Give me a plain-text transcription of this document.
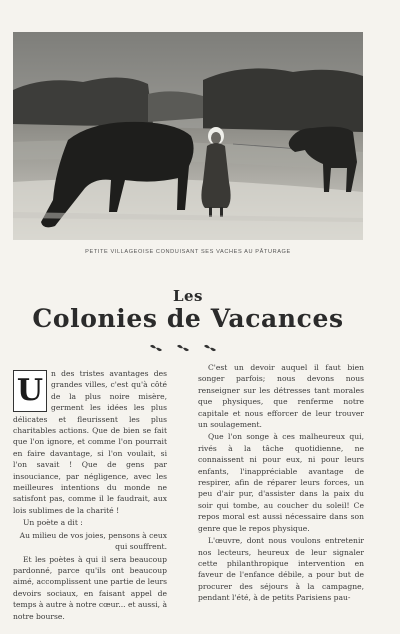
PETITE VILLAGEOISE CONDUISANT SES VACHES AU PÂTURAGE
Les
Colonies de Vacances
U	n des tristes avantages des grandes villes, c'est qu'à côté de la plus noire misère, germent les idées les plus délicates et fleurissent les plus charitables actions. Que de bien se fait que l'on ignore, et comme l'on pourrait en faire davantage, si l'on voulait, si l'on savait ! Que de gens par insouciance, par négligence, avec les meilleures intentions du monde ne satisfont pas, comme il le faudrait, aux lois sublimes de la charité !

Un poète a dit :

Au milieu de vos joies, pensons à ceux qui souffrent.

Et les poètes à qui il sera beaucoup pardonné, parce qu'ils ont beaucoup aimé, accomplissent une partie de leurs devoirs sociaux, en faisant appel de temps à autre à notre cœur... et aussi, à notre bourse.

C'est un devoir auquel il faut bien songer parfois; nous devons nous renseigner sur les détresses tant morales que physiques, que renferme notre capitale et nous efforcer de leur trouver un soulagement.

Que l'on songe à ces malheureux qui, rivés à la tâche quotidienne, ne connaissent ni pour eux, ni pour leurs enfants, l'inappréciable avantage de respirer, afin de réparer leurs forces, un peu d'air pur, d'assister dans la paix du soir qui tombe, au coucher du soleil! Ce repos moral est aussi nécessaire dans son genre que le repos physique.

L'œuvre, dont nous voulons entretenir nos lecteurs, heureux de leur signaler cette philanthropique intervention en faveur de l'enfance débile, a pour but de procurer des séjours à la campagne, pendant l'été, à de petits Parisiens pau-
